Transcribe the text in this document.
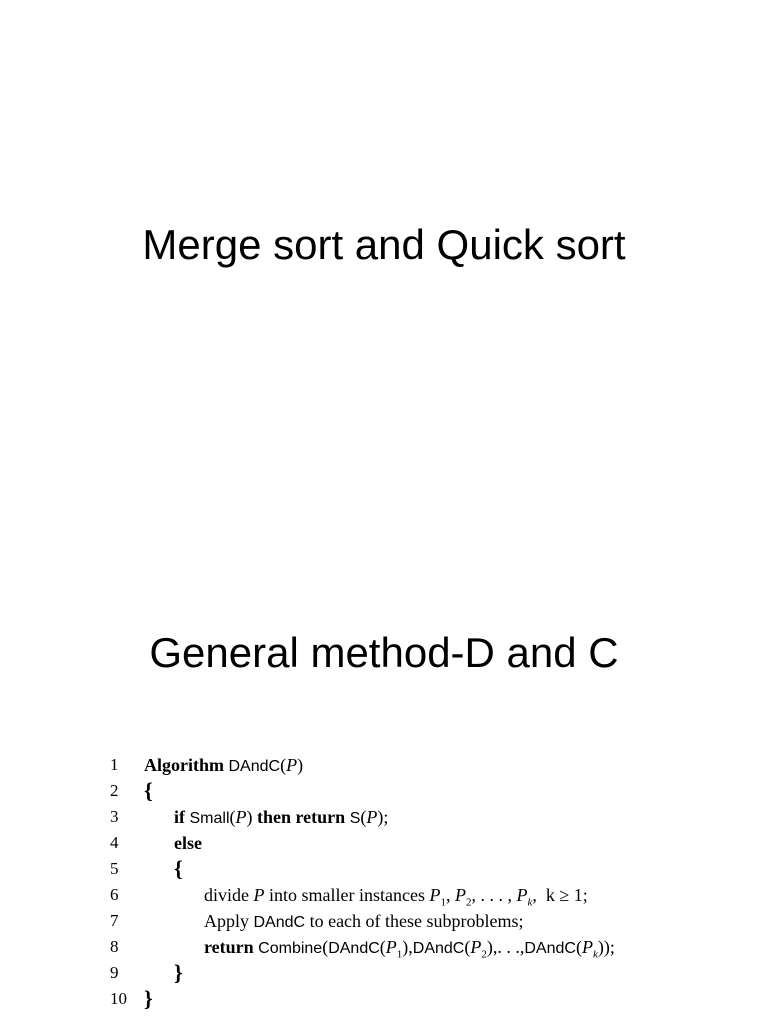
Merge sort and Quick sort
General method-D and C
1	Algorithm DAndC(P)
2	{
3	if Small(P) then return S(P);
4	else
5	{
6	divide P into smaller instances $P_1$, $P_2$, . . . , $P_k$,  k ≥ 1;
7	Apply DAndC to each of these subproblems;
8	return $Combine(DAndC(P_1),DAndC(P_2)$,. . $.,DAndC(P_k)$);
9	}
10 }
